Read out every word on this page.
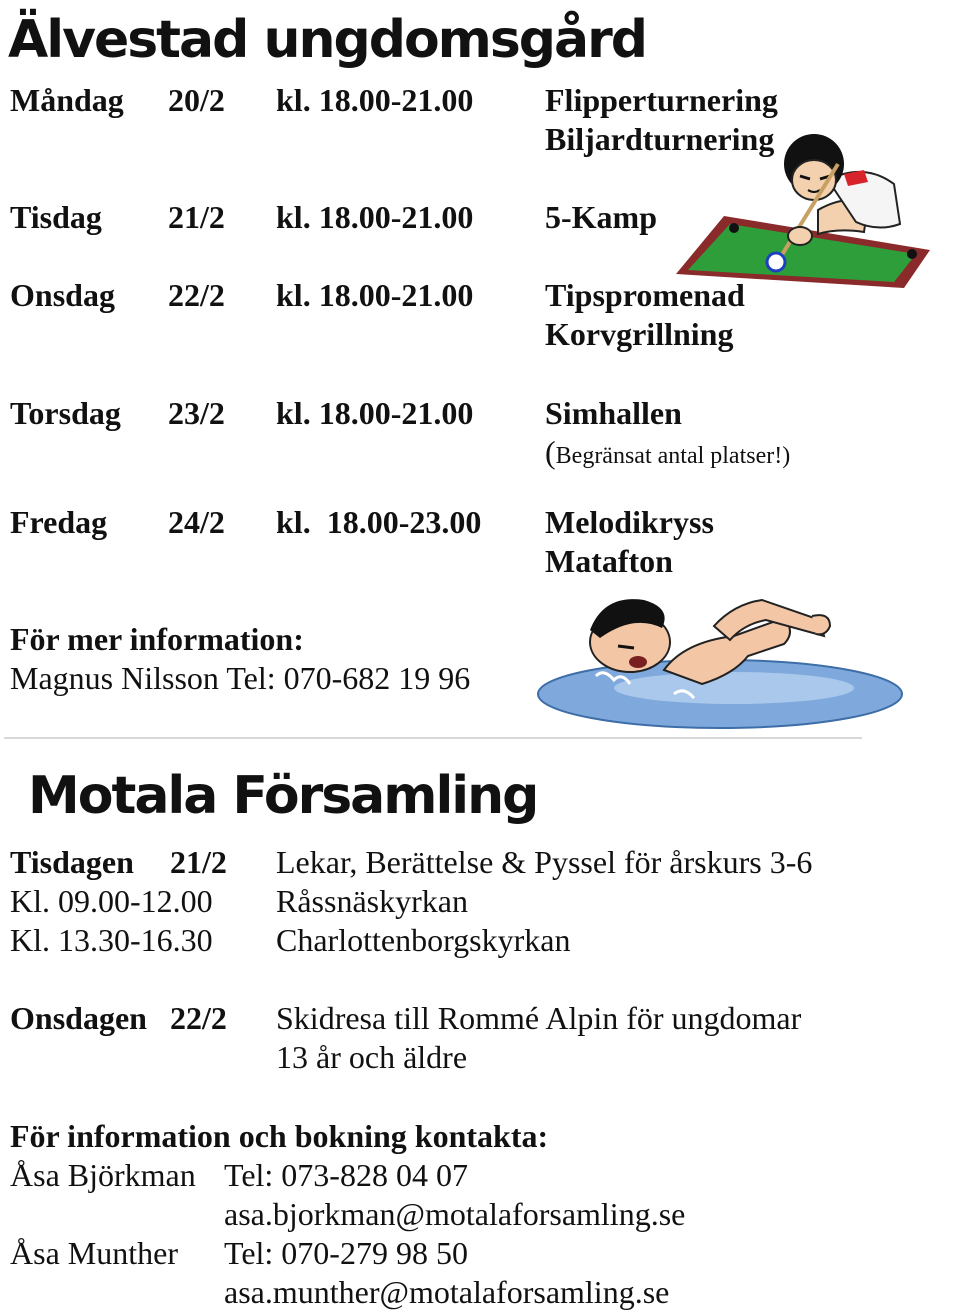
Älvestad ungdomsgård
Måndag 20/2 kl. 18.00-21.00 Flipperturnering
Biljardturnering
Tisdag 21/2 kl. 18.00-21.00 5-Kamp
Onsdag 22/2 kl. 18.00-21.00 Tipspromenad
Korvgrillning
Torsdag 23/2 kl. 18.00-21.00 Simhallen
(Begränsat antal platser!)
Fredag 24/2 kl.  18.00-23.00 Melodikryss
Matafton
För mer information:
Magnus Nilsson Tel: 070-682 19 96
Motala Församling
Tisdagen 21/2 Lekar, Berättelse & Pyssel för årskurs 3-6
Kl. 09.00-12.00 Råssnäskyrkan
Kl. 13.30-16.30 Charlottenborgskyrkan
Onsdagen 22/2 Skidresa till Rommé Alpin för ungdomar
13 år och äldre
För information och bokning kontakta:
Åsa Björkman Tel: 073-828 04 07
asa.bjorkman@motalaforsamling.se
Åsa Munther Tel: 070-279 98 50
asa.munther@motalaforsamling.se
